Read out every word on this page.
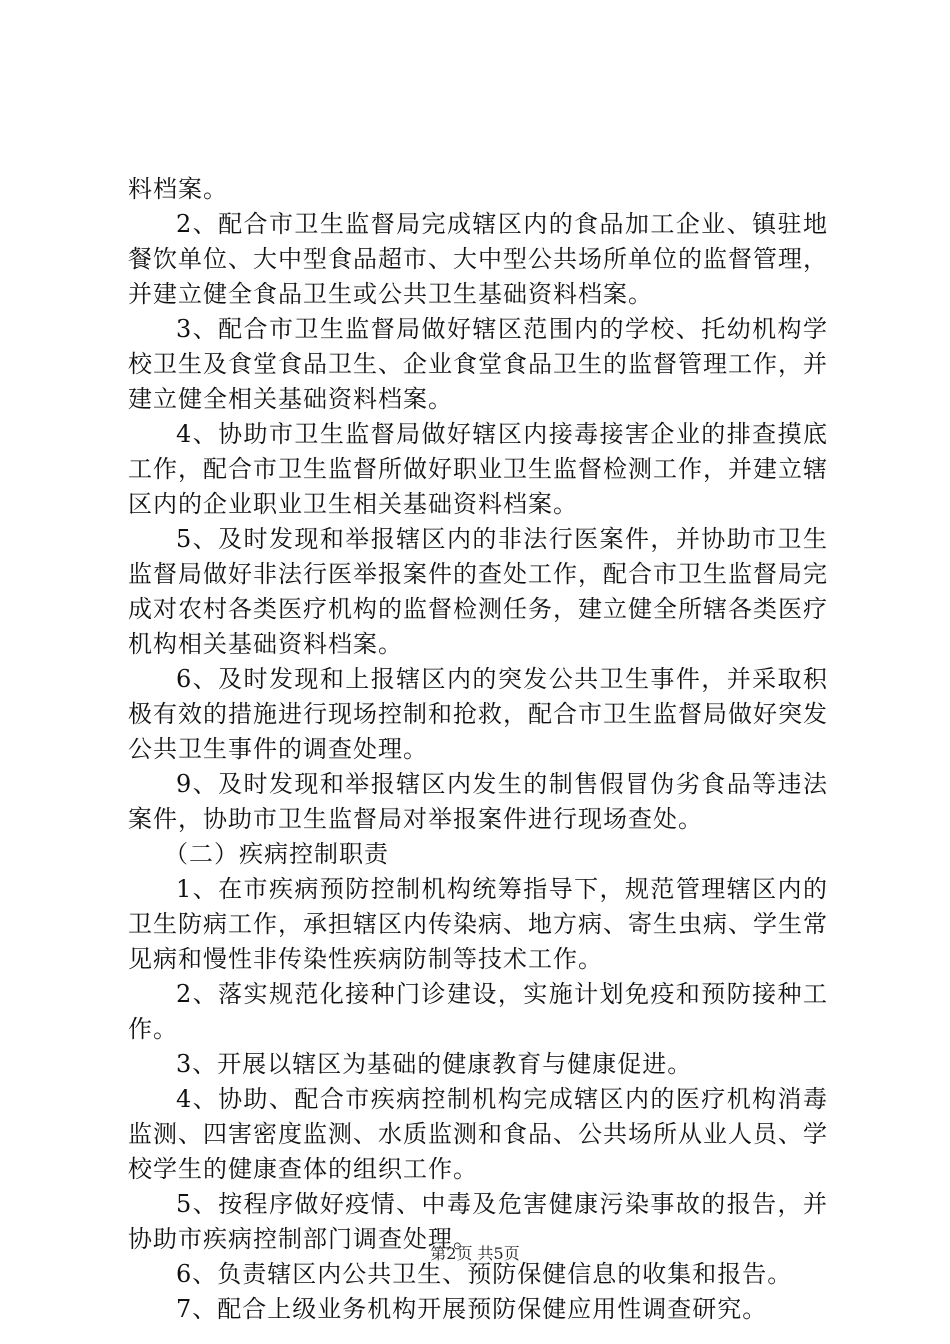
料档案。

2、配合市卫生监督局完成辖区内的食品加工企业、镇驻地餐饮单位、大中型食品超市、大中型公共场所单位的监督管理，并建立健全食品卫生或公共卫生基础资料档案。

3、配合市卫生监督局做好辖区范围内的学校、托幼机构学校卫生及食堂食品卫生、企业食堂食品卫生的监督管理工作，并建立健全相关基础资料档案。

4、协助市卫生监督局做好辖区内接毒接害企业的排查摸底工作，配合市卫生监督所做好职业卫生监督检测工作，并建立辖区内的企业职业卫生相关基础资料档案。

5、及时发现和举报辖区内的非法行医案件，并协助市卫生监督局做好非法行医举报案件的查处工作，配合市卫生监督局完成对农村各类医疗机构的监督检测任务，建立健全所辖各类医疗机构相关基础资料档案。

6、及时发现和上报辖区内的突发公共卫生事件，并采取积极有效的措施进行现场控制和抢救，配合市卫生监督局做好突发公共卫生事件的调查处理。

9、及时发现和举报辖区内发生的制售假冒伪劣食品等违法案件，协助市卫生监督局对举报案件进行现场查处。

（二）疾病控制职责

1、在市疾病预防控制机构统筹指导下，规范管理辖区内的卫生防病工作，承担辖区内传染病、地方病、寄生虫病、学生常见病和慢性非传染性疾病防制等技术工作。

2、落实规范化接种门诊建设，实施计划免疫和预防接种工作。

3、开展以辖区为基础的健康教育与健康促进。

4、协助、配合市疾病控制机构完成辖区内的医疗机构消毒监测、四害密度监测、水质监测和食品、公共场所从业人员、学校学生的健康查体的组织工作。

5、按程序做好疫情、中毒及危害健康污染事故的报告，并协助市疾病控制部门调查处理。

6、负责辖区内公共卫生、预防保健信息的收集和报告。

7、配合上级业务机构开展预防保健应用性调查研究。

第2页 共5页
